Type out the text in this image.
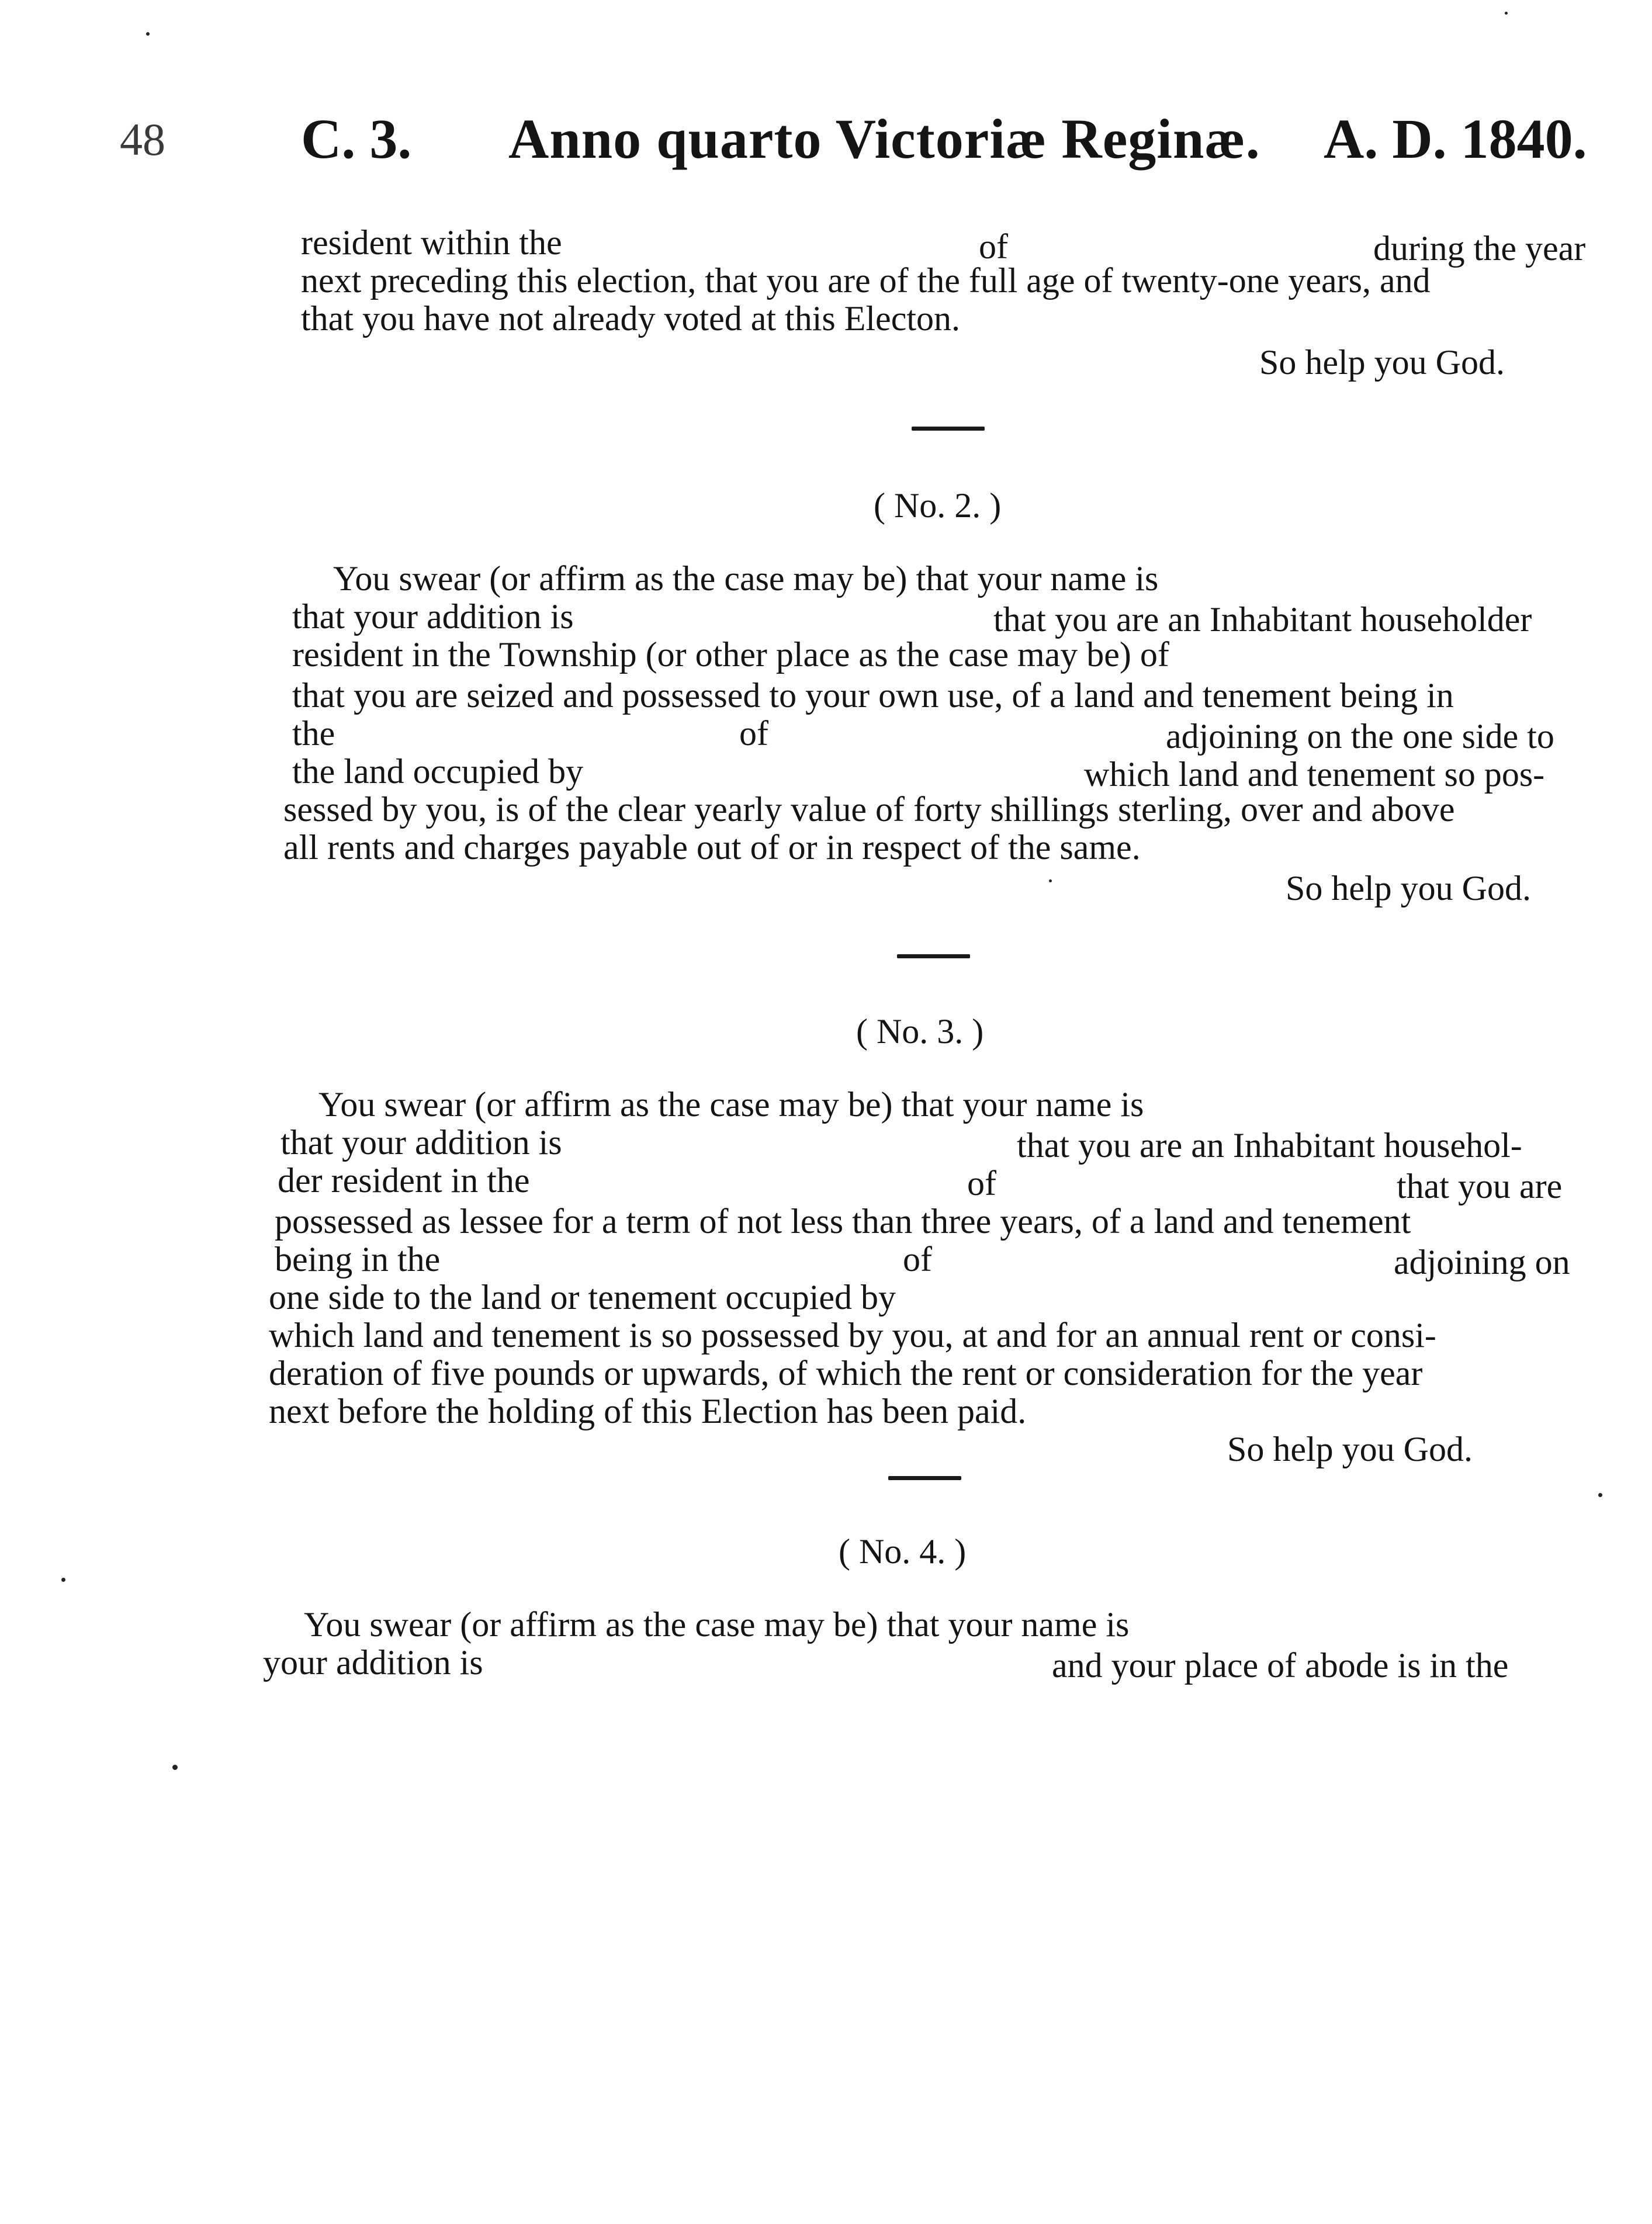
48 C. 3. Anno quarto Victoriæ Reginæ. A. D. 1840.
resident within the	of	during the year
next preceding this election, that you are of the full age of twenty-one years, and
that you have not already voted at this Electon.
So help you God.
( No. 2. )
You swear (or affirm as the case may be) that your name is
that your addition is	that you are an Inhabitant householder
resident in the Township (or other place as the case may be) of
that you are seized and possessed to your own use, of a land and tenement being in
the	of	adjoining on the one side to
the land occupied by	which land and tenement so pos-
sessed by you, is of the clear yearly value of forty shillings sterling, over and above
all rents and charges payable out of or in respect of the same.
So help you God.
( No. 3. )
You swear (or affirm as the case may be) that your name is
that your addition is	that you are an Inhabitant househol-
der resident in the	of	that you are
possessed as lessee for a term of not less than three years, of a land and tenement
being in the	of	adjoining on
one side to the land or tenement occupied by
which land and tenement is so possessed by you, at and for an annual rent or consi-
deration of five pounds or upwards, of which the rent or consideration for the year
next before the holding of this Election has been paid.
So help you God.
( No. 4. )
You swear (or affirm as the case may be) that your name is
your addition is	and your place of abode is in the
